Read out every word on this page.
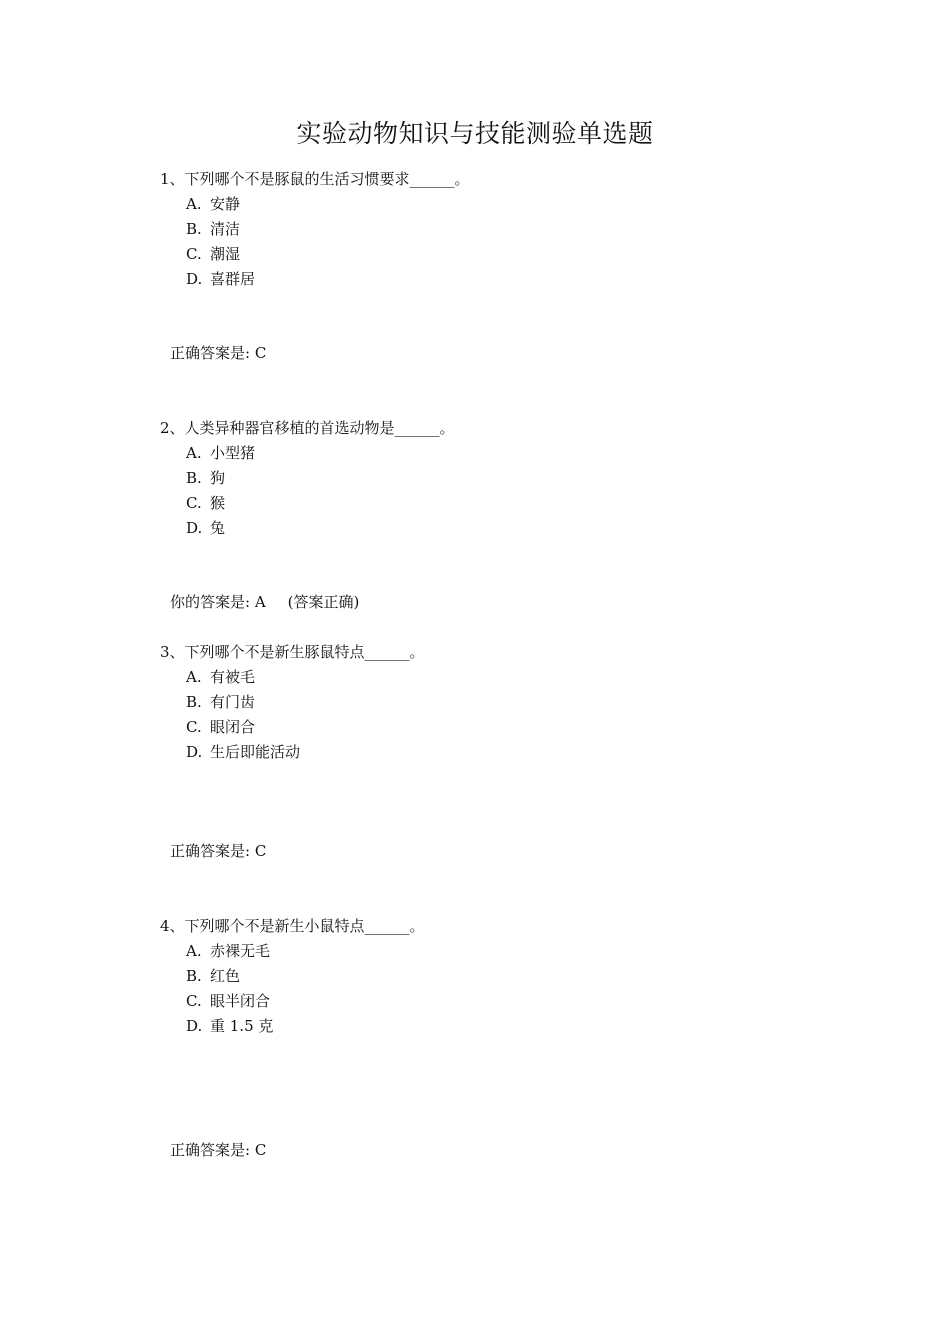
实验动物知识与技能测验单选题
1、下列哪个不是豚鼠的生活习惯要求______。
A. 安静
B. 清洁
C. 潮湿
D. 喜群居
正确答案是: C
2、人类异种器官移植的首选动物是______。
A. 小型猪
B. 狗
C. 猴
D. 兔
你的答案是: A (答案正确)
3、下列哪个不是新生豚鼠特点______。
A. 有被毛
B. 有门齿
C. 眼闭合
D. 生后即能活动
正确答案是: C
4、下列哪个不是新生小鼠特点______。
A. 赤裸无毛
B. 红色
C. 眼半闭合
D. 重 1.5 克
正确答案是: C
